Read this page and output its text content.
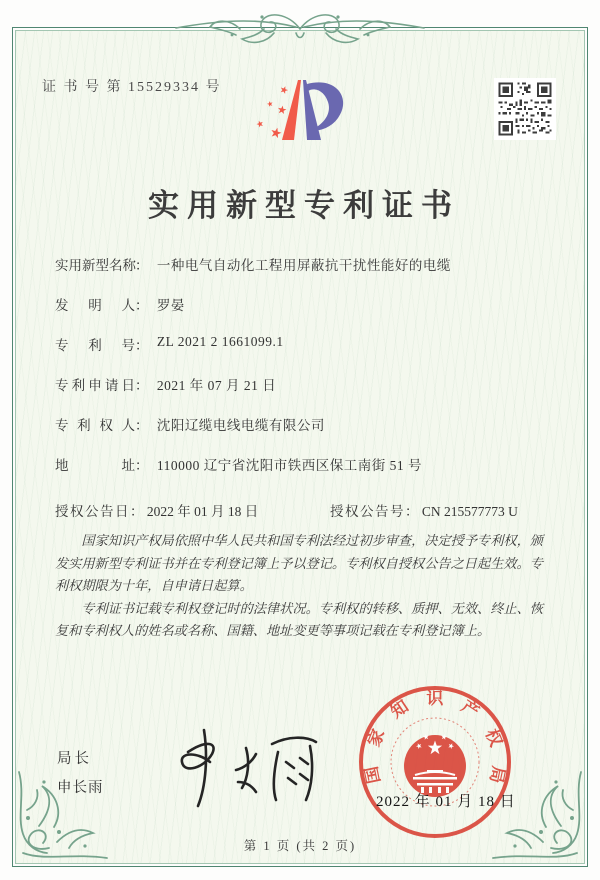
证 书 号 第 15529334 号
实用新型专利证书
实用新型名称： 一种电气自动化工程用屏蔽抗干扰性能好的电缆
发 明 人： 罗晏
专 利 号： ZL 2021 2 1661099.1
专利申请日： 2021 年 07 月 21 日
专 利 权 人： 沈阳辽缆电线电缆有限公司
地 址： 110000 辽宁省沈阳市铁西区保工南街 51 号
授权公告日： 2022 年 01 月 18 日	授权公告号： CN 215577773 U

国家知识产权局依照中华人民共和国专利法经过初步审查，决定授予专利权，颁发实用新型专利证书并在专利登记簿上予以登记。专利权自授权公告之日起生效。专利权期限为十年，自申请日起算。

专利证书记载专利权登记时的法律状况。专利权的转移、质押、无效、终止、恢复和专利权人的姓名或名称、国籍、地址变更等事项记载在专利登记簿上。

局长
申长雨
国家知识产权局
2022 年 01 月 18 日
第 1 页 (共 2 页)
